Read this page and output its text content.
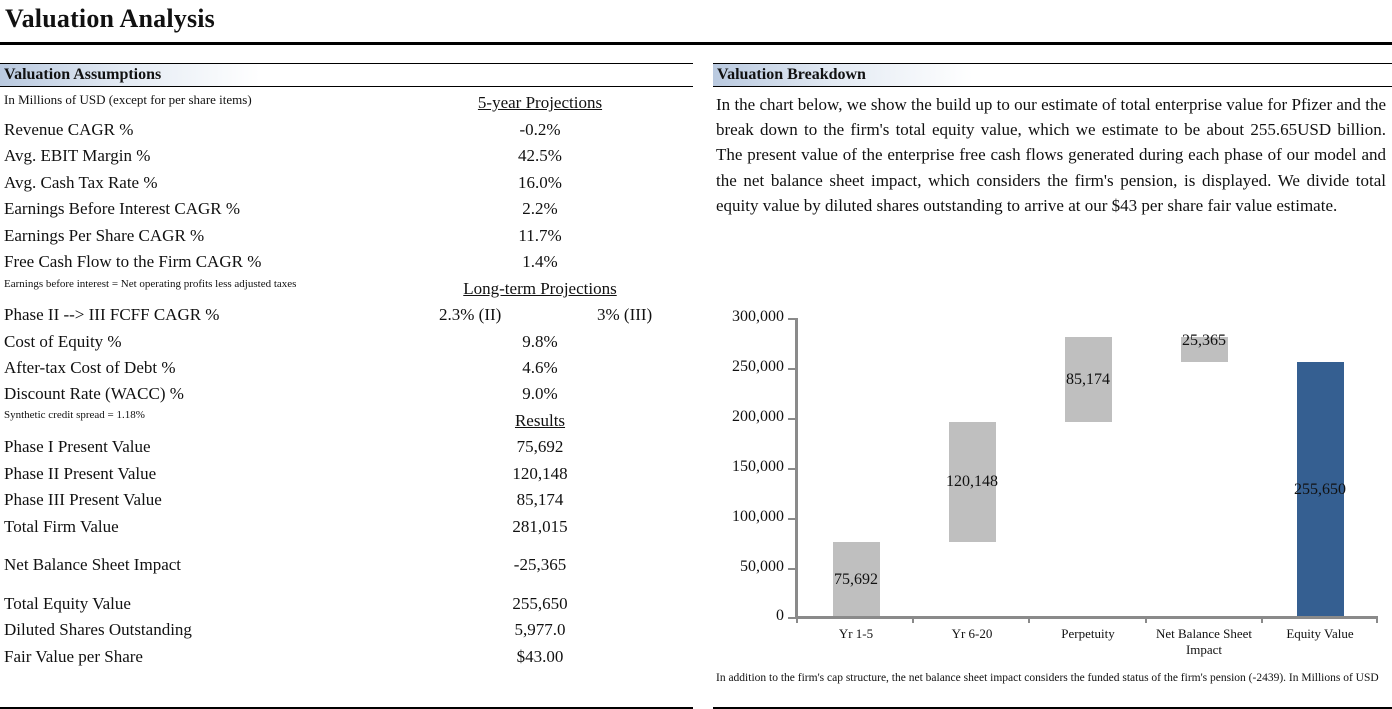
Valuation Analysis
Valuation Assumptions
In Millions of USD (except for per share items)	5-year Projections
Revenue CAGR %	-0.2%
Avg. EBIT Margin %	42.5%
Avg. Cash Tax Rate %	16.0%
Earnings Before Interest CAGR %	2.2%
Earnings Per Share CAGR %	11.7%
Free Cash Flow to the Firm CAGR %	1.4%
Earnings before interest = Net operating profits less adjusted taxes	Long-term Projections
Phase II --> III FCFF CAGR %	2.3% (II)	3% (III)
Cost of Equity %	9.8%
After-tax Cost of Debt %	4.6%
Discount Rate (WACC) %	9.0%
Synthetic credit spread = 1.18%	Results
Phase I Present Value	75,692
Phase II Present Value	120,148
Phase III Present Value	85,174
Total Firm Value	281,015
Net Balance Sheet Impact	-25,365
Total Equity Value	255,650
Diluted Shares Outstanding	5,977.0
Fair Value per Share	$43.00
Valuation Breakdown
In the chart below, we show the build up to our estimate of total enterprise value for Pfizer and the break down to the firm's total equity value, which we estimate to be about 255.65USD billion. The present value of the enterprise free cash flows generated during each phase of our model and the net balance sheet impact, which considers the firm's pension, is displayed. We divide total equity value by diluted shares outstanding to arrive at our $43 per share fair value estimate.
300,000
250,000
200,000
150,000
100,000
50,000
0
75,692
120,148
85,174
25,365
255,650
Yr 1-5	Yr 6-20	Perpetuity	Net Balance Sheet Impact
Equity Value
In addition to the firm's cap structure, the net balance sheet impact considers the funded status of the firm's pension (-2439). In Millions of USD
